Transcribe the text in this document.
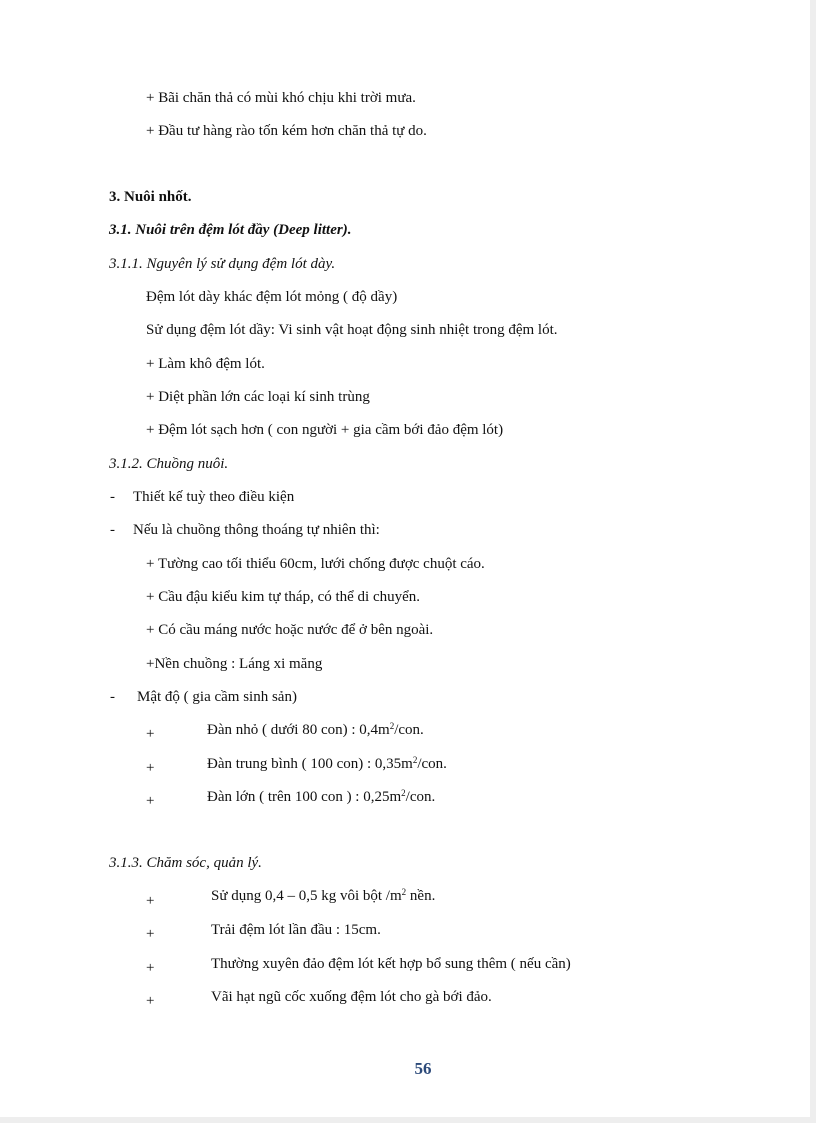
+ Bãi chăn thả có mùi khó chịu khi trời mưa.
+ Đầu tư hàng rào tốn kém hơn chăn thả tự do.
3. Nuôi nhốt.
3.1. Nuôi trên đệm lót đầy (Deep litter).
3.1.1. Nguyên lý sử dụng đệm lót dày.
Đệm lót dày khác đệm lót mỏng ( độ dầy)
Sử dụng đệm lót dầy: Vi sinh vật hoạt động sinh nhiệt trong đệm lót.
+ Làm khô đệm lót.
+ Diệt phần lớn các loại kí sinh trùng
+ Đệm lót sạch hơn ( con người + gia cầm bới đảo đệm lót)
3.1.2. Chuồng nuôi.
- Thiết kế tuỳ theo điều kiện
- Nếu là chuồng thông thoáng tự nhiên thì:
+ Tường cao tối thiểu 60cm, lưới chống được chuột cáo.
+ Cầu đậu kiểu kim tự tháp, có thể di chuyển.
+ Có cầu máng nước hoặc nước để ở bên ngoài.
+Nền chuồng : Láng xi măng
- Mật độ ( gia cầm sinh sản)
+	Đàn nhỏ ( dưới 80 con) : $0,4m^2$/con.
+	Đàn trung bình ( 100 con) : $0,35m^2$/con.
+	Đàn lớn ( trên 100 con ) : $0,25m^2$/con.
3.1.3. Chăm sóc, quản lý.
+	Sử dụng 0,4 – 0,5 kg vôi bột $/m^2$ nền.
+	Trải đệm lót lần đầu : 15cm.
+	Thường xuyên đảo đệm lót kết hợp bổ sung thêm ( nếu cần)
+	Vãi hạt ngũ cốc xuống đệm lót cho gà bới đảo.
56
